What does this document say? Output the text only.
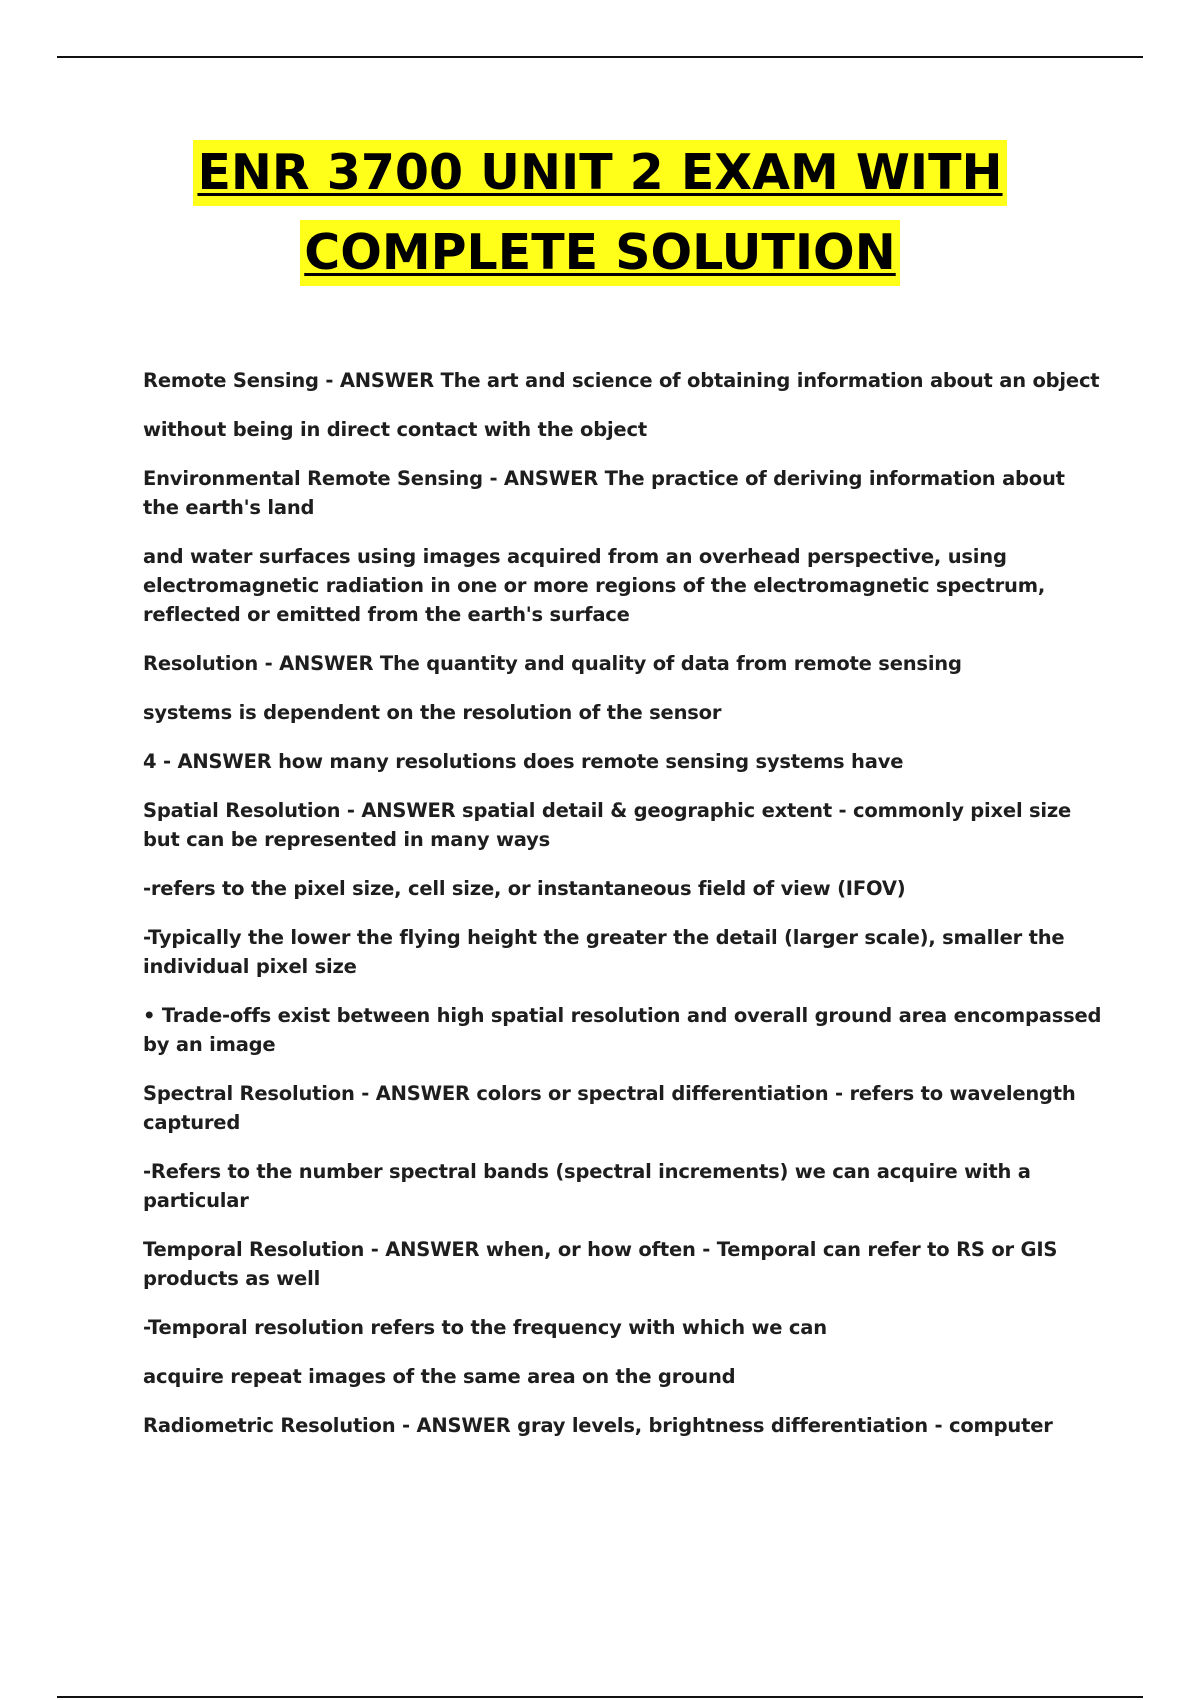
ENR 3700 UNIT 2 EXAM WITH
COMPLETE SOLUTION

Remote Sensing - ANSWER The art and science of obtaining information about an object

without being in direct contact with the object

Environmental Remote Sensing - ANSWER The practice of deriving information about the earth's land

and water surfaces using images acquired from an overhead perspective, using electromagnetic radiation in one or more regions of the electromagnetic spectrum, reflected or emitted from the earth's surface

Resolution - ANSWER The quantity and quality of data from remote sensing

systems is dependent on the resolution of the sensor

4 - ANSWER how many resolutions does remote sensing systems have

Spatial Resolution - ANSWER spatial detail & geographic extent - commonly pixel size but can be represented in many ways

-refers to the pixel size, cell size, or instantaneous field of view (IFOV)

-Typically the lower the flying height the greater the detail (larger scale), smaller the individual pixel size

• Trade-offs exist between high spatial resolution and overall ground area encompassed by an image

Spectral Resolution - ANSWER colors or spectral differentiation - refers to wavelength captured

-Refers to the number spectral bands (spectral increments) we can acquire with a particular

Temporal Resolution - ANSWER when, or how often - Temporal can refer to RS or GIS products as well

-Temporal resolution refers to the frequency with which we can

acquire repeat images of the same area on the ground

Radiometric Resolution - ANSWER gray levels, brightness differentiation - computer
